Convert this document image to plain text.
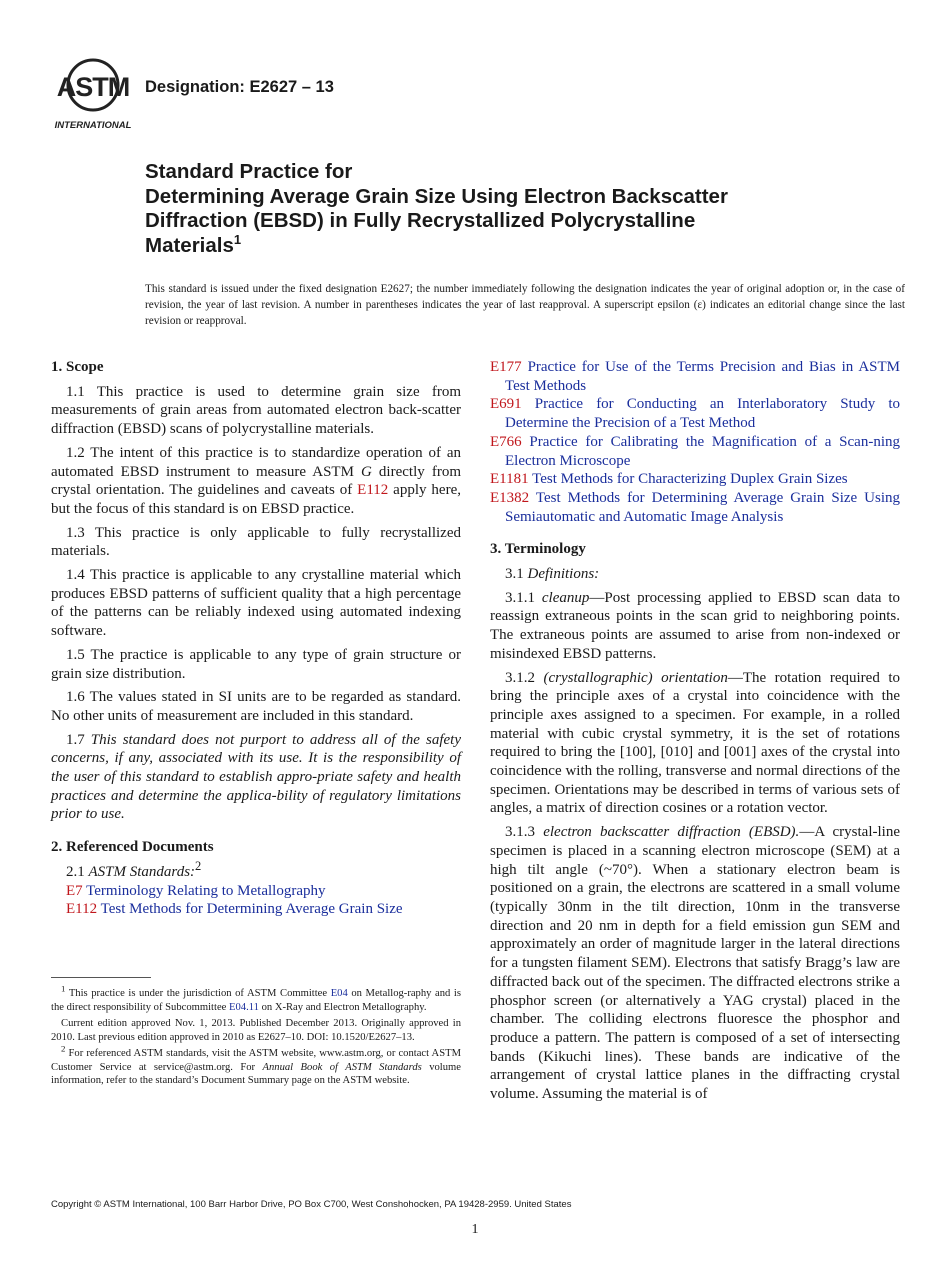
ASTM
INTERNATIONAL
Designation: E2627 – 13
Standard Practice for
Determining Average Grain Size Using Electron Backscatter
Diffraction (EBSD) in Fully Recrystallized Polycrystalline
Materials$^1$
This standard is issued under the fixed designation E2627; the number immediately following the designation indicates the year of original adoption or, in the case of revision, the year of last revision. A number in parentheses indicates the year of last reapproval. A superscript epsilon (ε) indicates an editorial change since the last revision or reapproval.
1. Scope
1.1 This practice is used to determine grain size from measurements of grain areas from automated electron back-scatter diffraction (EBSD) scans of polycrystalline materials.
1.2 The intent of this practice is to standardize operation of an automated EBSD instrument to measure ASTM G directly from crystal orientation. The guidelines and caveats of E112 apply here, but the focus of this standard is on EBSD practice.
1.3 This practice is only applicable to fully recrystallized materials.
1.4 This practice is applicable to any crystalline material which produces EBSD patterns of sufficient quality that a high percentage of the patterns can be reliably indexed using automated indexing software.
1.5 The practice is applicable to any type of grain structure or grain size distribution.
1.6 The values stated in SI units are to be regarded as standard. No other units of measurement are included in this standard.
1.7 This standard does not purport to address all of the safety concerns, if any, associated with its use. It is the responsibility of the user of this standard to establish appro-priate safety and health practices and determine the applica-bility of regulatory limitations prior to use.
2. Referenced Documents
2.1 ASTM Standards:$^2$
E7 Terminology Relating to Metallography
E112 Test Methods for Determining Average Grain Size
$^1$ This practice is under the jurisdiction of ASTM Committee E04 on Metallog-raphy and is the direct responsibility of Subcommittee E04.11 on X-Ray and Electron Metallography.
Current edition approved Nov. 1, 2013. Published December 2013. Originally approved in 2010. Last previous edition approved in 2010 as E2627–10. DOI: 10.1520/E2627–13.
$^2$ For referenced ASTM standards, visit the ASTM website, www.astm.org, or contact ASTM Customer Service at service@astm.org. For Annual Book of ASTM Standards volume information, refer to the standard’s Document Summary page on the ASTM website.
E177 Practice for Use of the Terms Precision and Bias in ASTM Test Methods
E691 Practice for Conducting an Interlaboratory Study to Determine the Precision of a Test Method
E766 Practice for Calibrating the Magnification of a Scan-ning Electron Microscope
E1181 Test Methods for Characterizing Duplex Grain Sizes
E1382 Test Methods for Determining Average Grain Size Using Semiautomatic and Automatic Image Analysis
3. Terminology
3.1 Definitions:
3.1.1 cleanup—Post processing applied to EBSD scan data to reassign extraneous points in the scan grid to neighboring points. The extraneous points are assumed to arise from non-indexed or misindexed EBSD patterns.
3.1.2 (crystallographic) orientation—The rotation required to bring the principle axes of a crystal into coincidence with the principle axes assigned to a specimen. For example, in a rolled material with cubic crystal symmetry, it is the set of rotations required to bring the [100], [010] and [001] axes of the crystal into coincidence with the rolling, transverse and normal directions of the specimen. Orientations may be described in terms of various sets of angles, a matrix of direction cosines or a rotation vector.
3.1.3 electron backscatter diffraction (EBSD).—A crystal-line specimen is placed in a scanning electron microscope (SEM) at a high tilt angle (~70°). When a stationary electron beam is positioned on a grain, the electrons are scattered in a small volume (typically 30nm in the tilt direction, 10nm in the transverse direction and 20 nm in depth for a field emission gun SEM and approximately an order of magnitude larger in the lateral directions for a tungsten filament SEM). Electrons that satisfy Bragg’s law are diffracted back out of the specimen. The diffracted electrons strike a phosphor screen (or alternatively a YAG crystal) placed in the chamber. The colliding electrons fluoresce the phosphor and produce a pattern. The pattern is composed of a set of intersecting bands (Kikuchi lines). These bands are indicative of the arrangement of crystal lattice planes in the diffracting crystal volume. Assuming the material is of
Copyright © ASTM International, 100 Barr Harbor Drive, PO Box C700, West Conshohocken, PA 19428-2959. United States
1
